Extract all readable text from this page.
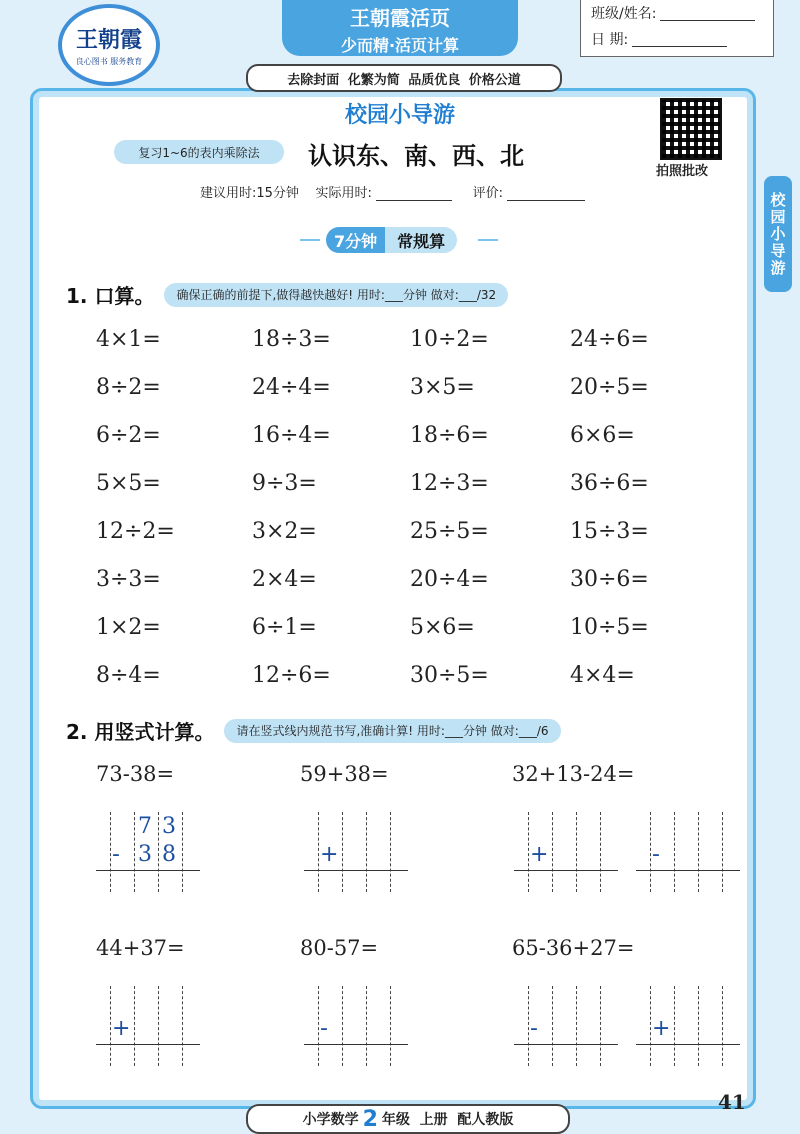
王朝霞
良心图书 服务教育
王朝霞活页
少而精·活页计算
班级/姓名:
日 期:
去除封面 化繁为简 品质优良 价格公道
校园小导游
复习1~6的表内乘除法	认识东、南、西、北
拍照批改
校园小导游
建议用时:15分钟 实际用时:	评价:
7分钟	常规算
1. 口算。	确保正确的前提下,做得越快越好! 用时:___分钟 做对:___/32
4×1=	18÷3=	10÷2=	24÷6=
8÷2=	24÷4=	3×5=	20÷5=
6÷2=	16÷4=	18÷6=	6×6=
5×5=	9÷3=	12÷3=	36÷6=
12÷2=	3×2=	25÷5=	15÷3=
3÷3=	2×4=	20÷4=	30÷6=
1×2=	6÷1=	5×6=	10÷5=
8÷4=	12÷6=	30÷5=	4×4=
2. 用竖式计算。	请在竖式线内规范书写,准确计算! 用时:___分钟 做对:___/6
73-38=	59+38=	32+13-24=
7 3
- 3 8	+	+	-
44+37=	80-57=	65-36+27=
+	-	-	+
小学数学 2 年级
上册
配人教版
41
